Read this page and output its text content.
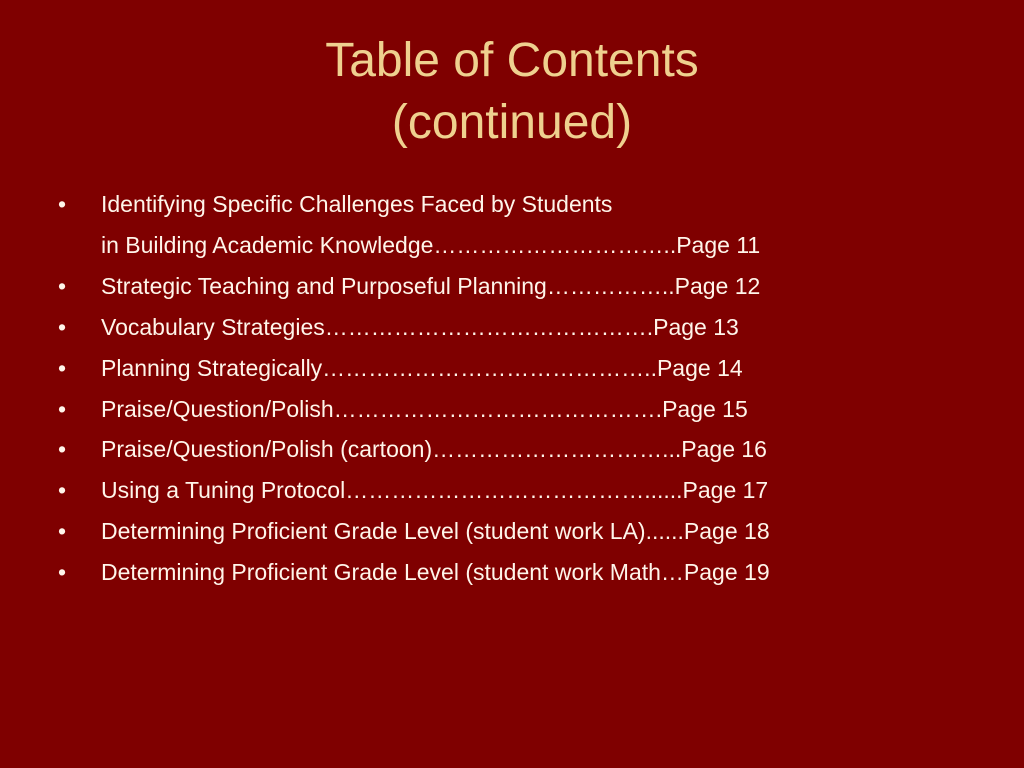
Table of Contents
(continued)
•	Identifying Specific Challenges Faced by Students
in Building Academic Knowledge…………………………..Page 11
•	Strategic Teaching and Purposeful Planning……………..Page 12
•	Vocabulary Strategies…………………………………….Page 13
•	Planning Strategically……………………………………..Page 14
•	Praise/Question/Polish…………………………………….Page 15
•	Praise/Question/Polish (cartoon)…………………………...Page 16
•	Using a Tuning Protocol…………………………………......Page 17
•	Determining Proficient Grade Level (student work LA)......Page 18
•	Determining Proficient Grade Level (student work Math…Page 19
